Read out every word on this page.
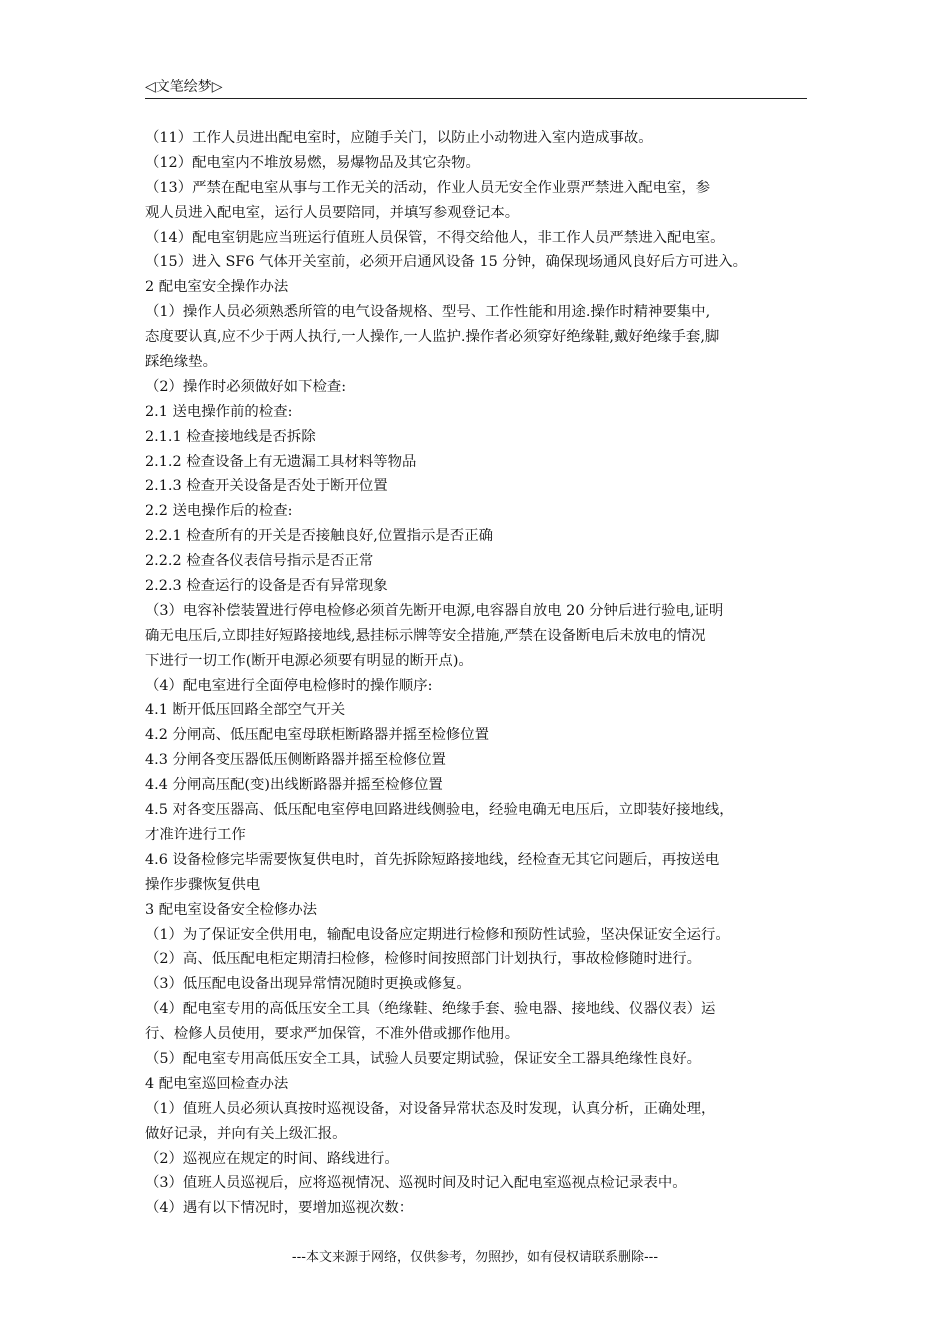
◁文笔绘梦▷
（11）工作人员进出配电室时，应随手关门，以防止小动物进入室内造成事故。
（12）配电室内不堆放易燃，易爆物品及其它杂物。
（13）严禁在配电室从事与工作无关的活动，作业人员无安全作业票严禁进入配电室，参
观人员进入配电室，运行人员要陪同，并填写参观登记本。
（14）配电室钥匙应当班运行值班人员保管，不得交给他人，非工作人员严禁进入配电室。
（15）进入 SF6 气体开关室前，必须开启通风设备 15 分钟，确保现场通风良好后方可进入。
2 配电室安全操作办法
（1）操作人员必须熟悉所管的电气设备规格、型号、工作性能和用途.操作时精神要集中,
态度要认真,应不少于两人执行,一人操作,一人监护.操作者必须穿好绝缘鞋,戴好绝缘手套,脚
踩绝缘垫。
（2）操作时必须做好如下检查:
2.1 送电操作前的检查:
2.1.1 检查接地线是否拆除
2.1.2 检查设备上有无遗漏工具材料等物品
2.1.3 检查开关设备是否处于断开位置
2.2 送电操作后的检查:
2.2.1 检查所有的开关是否接触良好,位置指示是否正确
2.2.2 检查各仪表信号指示是否正常
2.2.3 检查运行的设备是否有异常现象
（3）电容补偿装置进行停电检修必须首先断开电源,电容器自放电 20 分钟后进行验电,证明
确无电压后,立即挂好短路接地线,悬挂标示牌等安全措施,严禁在设备断电后未放电的情况
下进行一切工作(断开电源必须要有明显的断开点)。
（4）配电室进行全面停电检修时的操作顺序:
4.1 断开低压回路全部空气开关
4.2 分闸高、低压配电室母联柜断路器并摇至检修位置
4.3 分闸各变压器低压侧断路器并摇至检修位置
4.4 分闸高压配(变)出线断路器并摇至检修位置
4.5 对各变压器高、低压配电室停电回路进线侧验电，经验电确无电压后，立即装好接地线，
才准许进行工作
4.6 设备检修完毕需要恢复供电时，首先拆除短路接地线，经检查无其它问题后，再按送电
操作步骤恢复供电
3 配电室设备安全检修办法
（1）为了保证安全供用电，输配电设备应定期进行检修和预防性试验，坚决保证安全运行。
（2）高、低压配电柜定期清扫检修，检修时间按照部门计划执行，事故检修随时进行。
（3）低压配电设备出现异常情况随时更换或修复。
（4）配电室专用的高低压安全工具（绝缘鞋、绝缘手套、验电器、接地线、仪器仪表）运
行、检修人员使用，要求严加保管，不准外借或挪作他用。
（5）配电室专用高低压安全工具，试验人员要定期试验，保证安全工器具绝缘性良好。
4 配电室巡回检查办法
（1）值班人员必须认真按时巡视设备，对设备异常状态及时发现，认真分析，正确处理，
做好记录，并向有关上级汇报。
（2）巡视应在规定的时间、路线进行。
（3）值班人员巡视后，应将巡视情况、巡视时间及时记入配电室巡视点检记录表中。
（4）遇有以下情况时，要增加巡视次数：
---本文来源于网络，仅供参考，勿照抄，如有侵权请联系删除---
